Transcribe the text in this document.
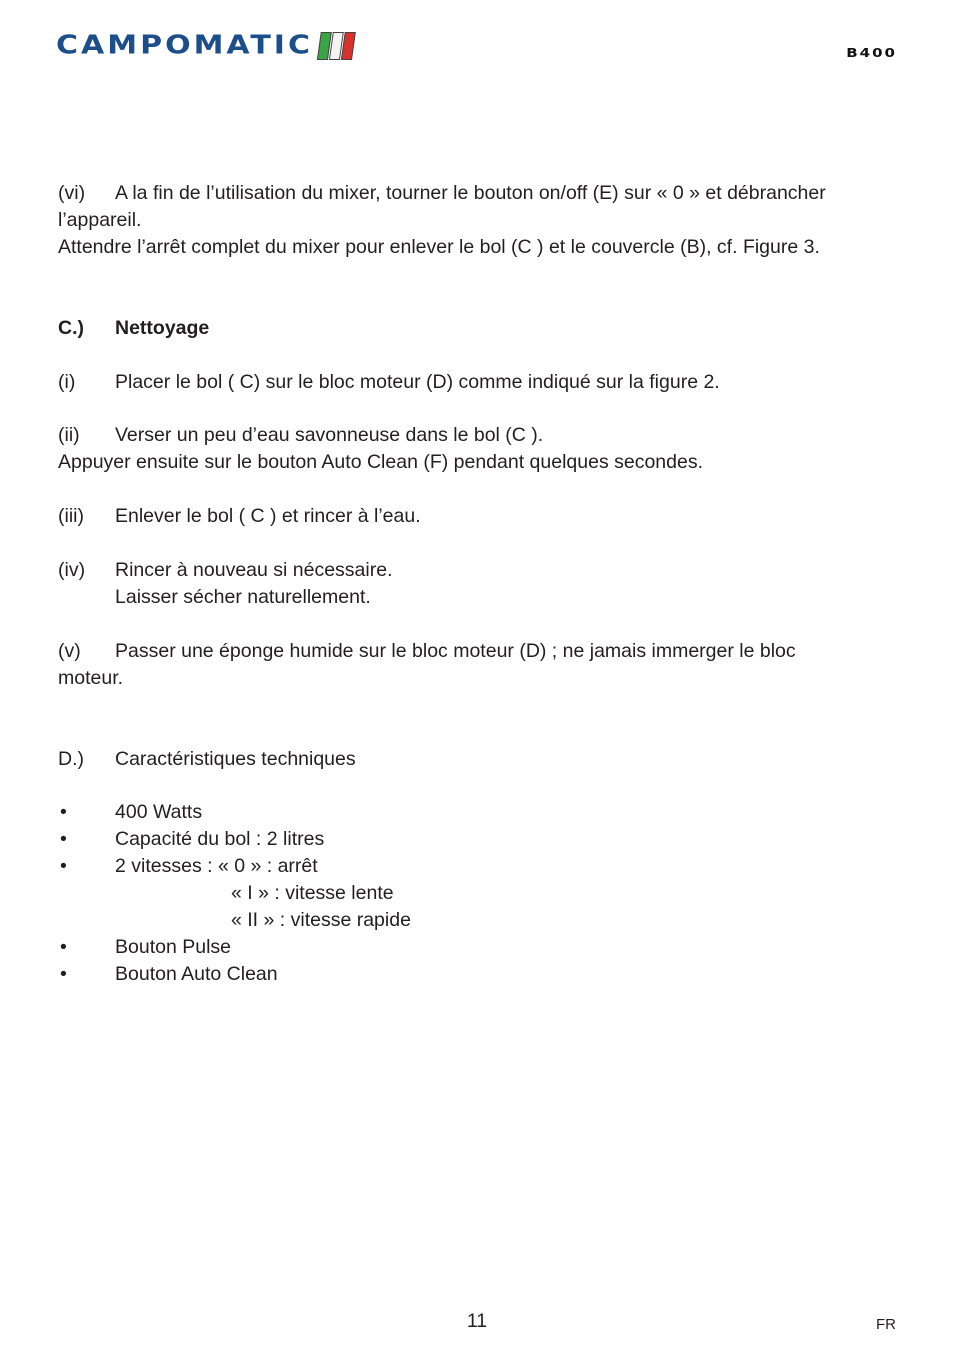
CAMPOMATIC	B400
(vi) A la fin de l’utilisation du mixer, tourner le bouton on/off (E) sur « 0 » et débrancher
l’appareil.
Attendre l’arrêt complet du mixer pour enlever le bol (C ) et le couvercle (B), cf. Figure 3.
C.) Nettoyage
(i) Placer le bol ( C) sur le bloc moteur (D) comme indiqué sur la figure 2.
(ii) Verser un peu d’eau savonneuse dans le bol (C ).
Appuyer ensuite sur le bouton Auto Clean (F) pendant quelques secondes.
(iii) Enlever le bol ( C ) et rincer à l’eau.
(iv) Rincer à nouveau si nécessaire.
Laisser sécher naturellement.
(v) Passer une éponge humide sur le bloc moteur (D) ; ne jamais immerger le bloc
moteur.
D.) Caractéristiques techniques
• 400 Watts
• Capacité du bol : 2 litres
• 2 vitesses : « 0 » : arrêt
« I » : vitesse lente
« II » : vitesse rapide
• Bouton Pulse
• Bouton Auto Clean
11	FR
